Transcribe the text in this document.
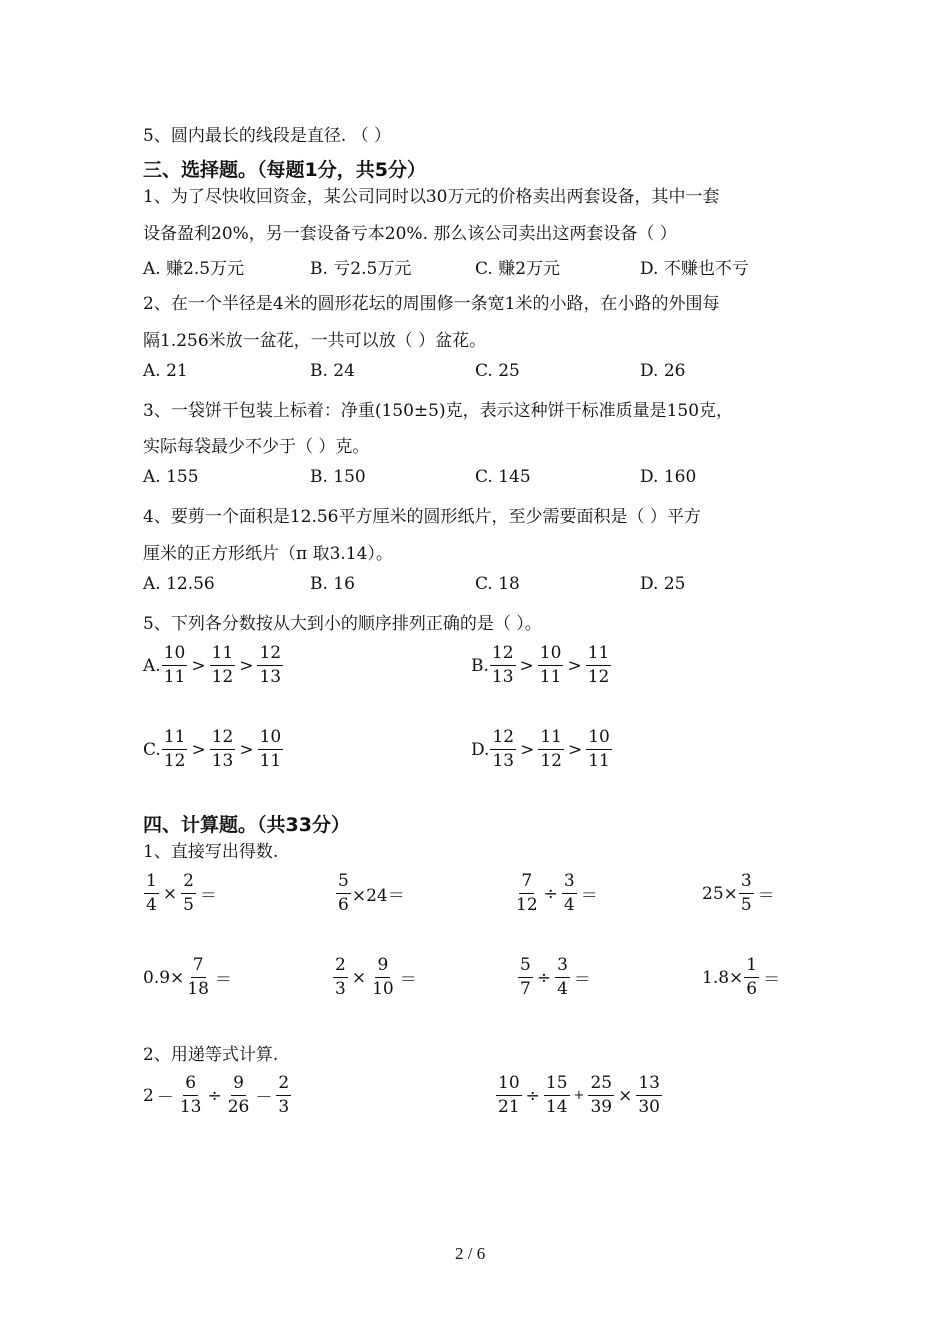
5、圆内最长的线段是直径. （ ）
三、选择题。（每题1分，共5分）
1、为了尽快收回资金，某公司同时以30万元的价格卖出两套设备，其中一套
设备盈利20%，另一套设备亏本20%. 那么该公司卖出这两套设备（ ）
A. 赚2.5万元	B. 亏2.5万元	C. 赚2万元	D. 不赚也不亏
2、在一个半径是4米的圆形花坛的周围修一条宽1米的小路，在小路的外围每
隔1.256米放一盆花，一共可以放（ ）盆花。
A. 21	B. 24	C. 25	D. 26
3、一袋饼干包装上标着：净重(150±5)克，表示这种饼干标准质量是150克，
实际每袋最少不少于（ ）克。
A. 155	B. 150	C. 145	D. 160
4、要剪一个面积是12.56平方厘米的圆形纸片，至少需要面积是（ ）平方
厘米的正方形纸片（π 取3.14）。
A. 12.56	B. 16	C. 18	D. 25
5、下列各分数按从大到小的顺序排列正确的是（ ）。
A. $\frac{10}{11} > \frac{11}{12} > \frac{12}{13}$	B. $\frac{12}{13} > \frac{10}{11} > \frac{11}{12}$
C. $\frac{11}{12} > \frac{12}{13} > \frac{10}{11}$	D. $\frac{12}{13} > \frac{11}{12} > \frac{10}{11}$
四、计算题。（共33分）
1、直接写出得数.
$\frac{1}{4} \times \frac{2}{5}$ ＝	$\frac{5}{6} \times 24=$	$\frac{7}{12} \div \frac{3}{4}$ ＝	$25\times \frac{3}{5}$ ＝
$0.9\times \frac{7}{18}$ ＝	$\frac{2}{3} \times \frac{9}{10}$ ＝	$\frac{5}{7} \div \frac{3}{4}$ ＝	$1.8\times \frac{1}{6}$ ＝
2、用递等式计算.
$2 - \frac{6}{13} \div \frac{9}{26} - \frac{2}{3}$	$\frac{10}{21} \div \frac{15}{14} + \frac{25}{39} \times \frac{13}{30}$
2 / 6
